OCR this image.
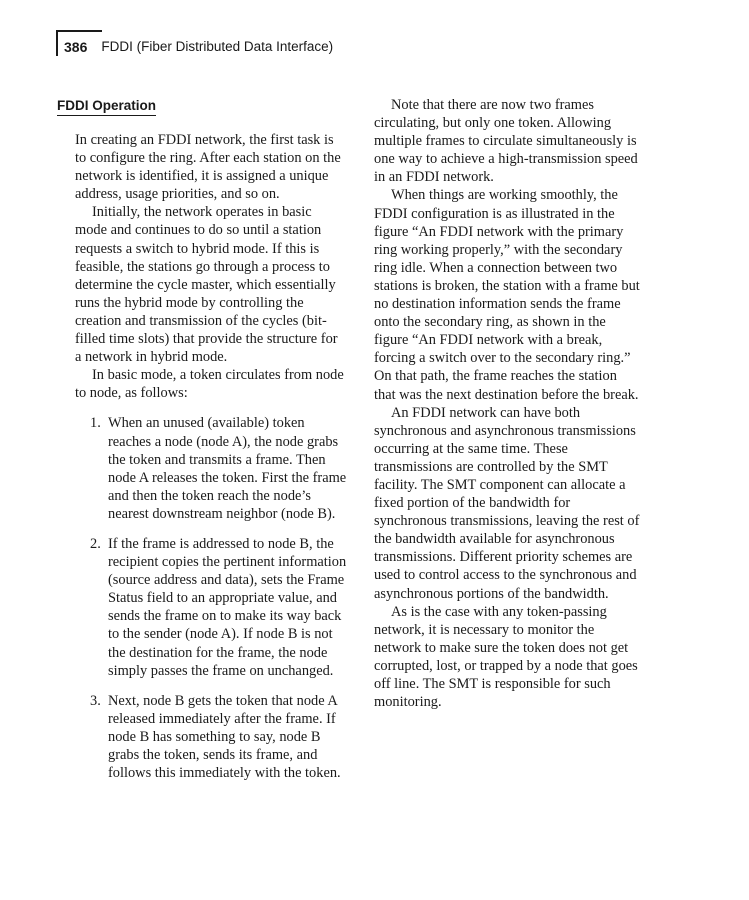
386 FDDI (Fiber Distributed Data Interface)
FDDI Operation

In creating an FDDI network, the first task is to configure the ring. After each station on the network is identified, it is assigned a unique address, usage priorities, and so on.

Initially, the network operates in basic mode and continues to do so until a station requests a switch to hybrid mode. If this is feasible, the stations go through a process to determine the cycle master, which essentially runs the hybrid mode by controlling the creation and transmission of the cycles (bit-filled time slots) that provide the structure for a network in hybrid mode.

In basic mode, a token circulates from node to node, as follows:

1. When an unused (available) token reaches a node (node A), the node grabs the token and transmits a frame. Then node A releases the token. First the frame and then the token reach the node’s nearest downstream neighbor (node B).
2. If the frame is addressed to node B, the recipient copies the pertinent information (source address and data), sets the Frame Status field to an appropriate value, and sends the frame on to make its way back to the sender (node A). If node B is not the destination for the frame, the node simply passes the frame on unchanged.
3. Next, node B gets the token that node A released immediately after the frame. If node B has something to say, node B grabs the token, sends its frame, and follows this immediately with the token.

Note that there are now two frames circulating, but only one token. Allowing multiple frames to circulate simultaneously is one way to achieve a high-transmission speed in an FDDI network.

When things are working smoothly, the FDDI configuration is as illustrated in the figure “An FDDI network with the primary ring working properly,” with the secondary ring idle. When a connection between two stations is broken, the station with a frame but no destination information sends the frame onto the secondary ring, as shown in the figure “An FDDI network with a break, forcing a switch over to the secondary ring.” On that path, the frame reaches the station that was the next destination before the break.

An FDDI network can have both synchronous and asynchronous transmissions occurring at the same time. These transmissions are controlled by the SMT facility. The SMT component can allocate a fixed portion of the bandwidth for synchronous transmissions, leaving the rest of the bandwidth available for asynchronous transmissions. Different priority schemes are used to control access to the synchronous and asynchronous portions of the bandwidth.

As is the case with any token-passing network, it is necessary to monitor the network to make sure the token does not get corrupted, lost, or trapped by a node that goes off line. The SMT is responsible for such monitoring.
